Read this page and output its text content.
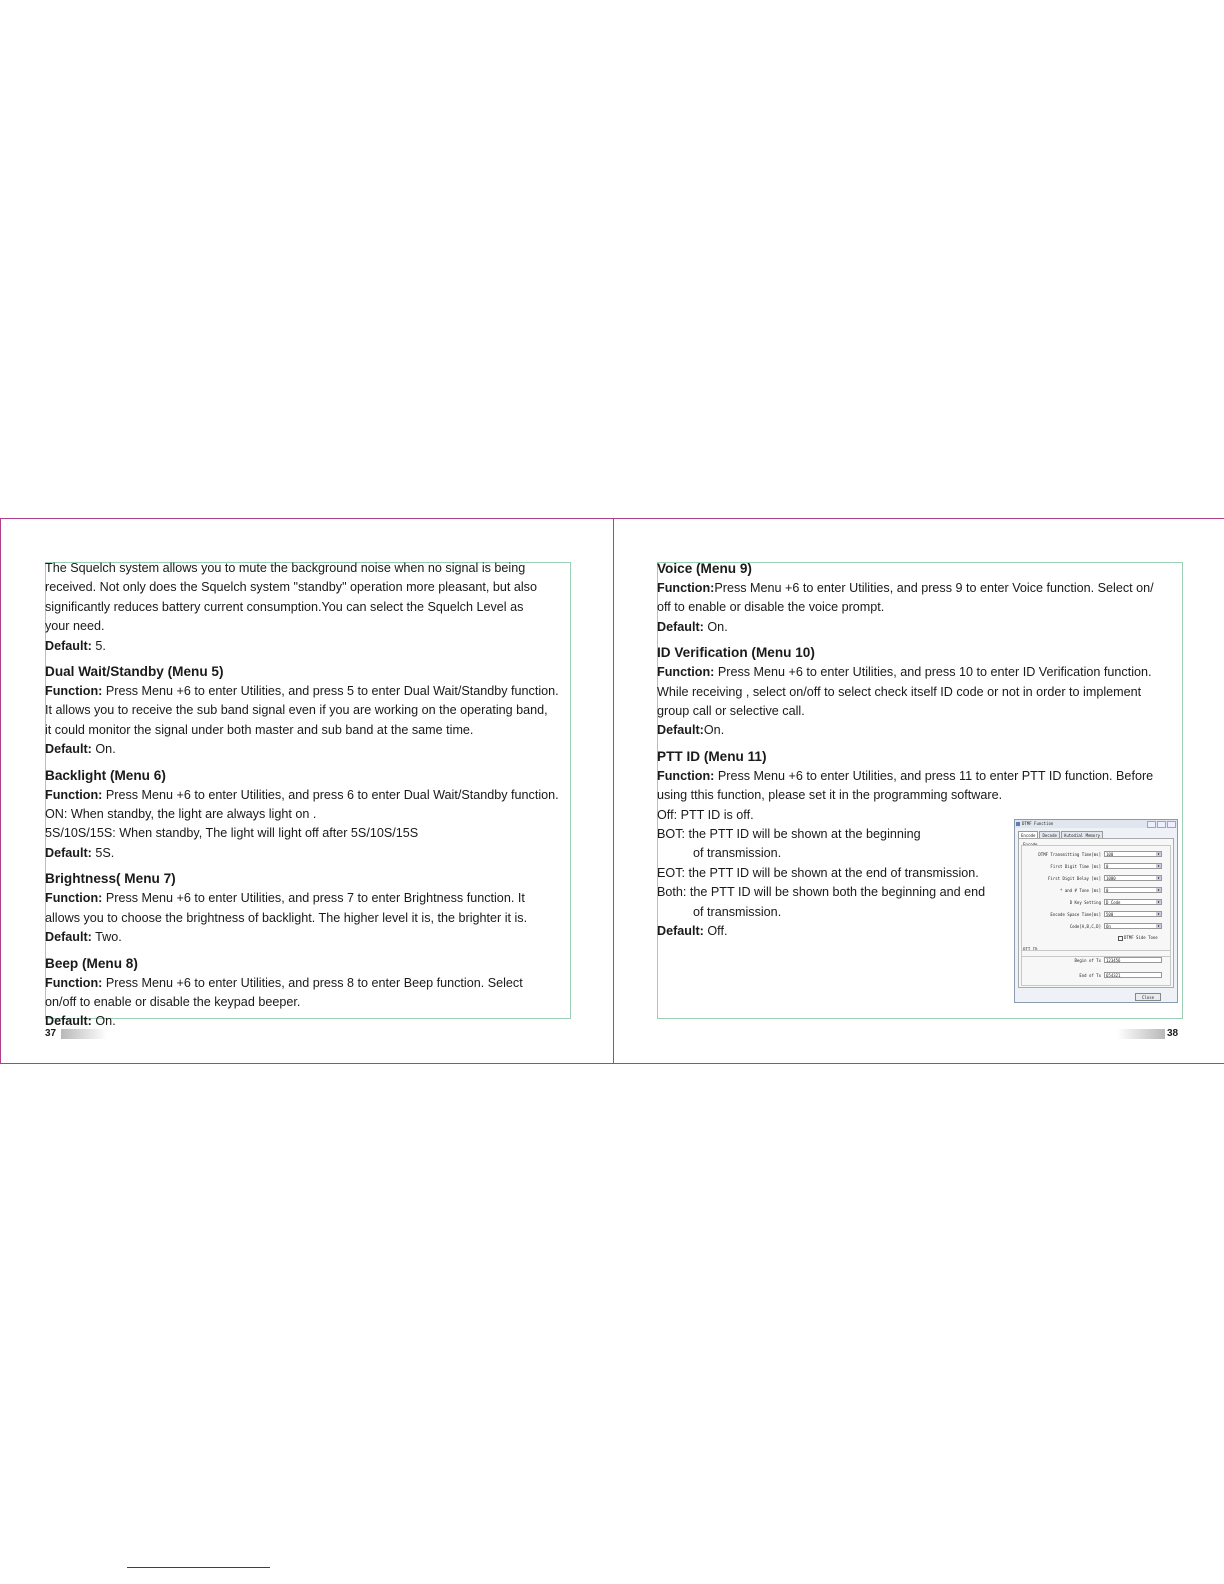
The Squelch system allows you to mute the background noise when no signal is being

received. Not only does the Squelch system "standby" operation more pleasant, but also

significantly reduces battery current consumption.You can select the Squelch Level as

your need.

Default: 5.

Dual Wait/Standby (Menu 5)

Function: Press Menu +6 to enter Utilities, and press 5 to enter Dual Wait/Standby function.

It allows you to receive the sub band signal even if you are working on the operating band,

it could monitor the signal under both master and sub band at the same time.

Default: On.

Backlight (Menu 6)

Function: Press Menu +6 to enter Utilities, and press 6 to enter Dual Wait/Standby function.

ON: When standby, the light are always light on .

5S/10S/15S: When standby, The light will light off after 5S/10S/15S

Default: 5S.

Brightness( Menu 7)

Function: Press Menu +6 to enter Utilities, and press 7 to enter Brightness function. It

allows you to choose the brightness of backlight. The higher level it is, the brighter it is.

Default: Two.

Beep (Menu 8)

Function: Press Menu +6 to enter Utilities, and press 8 to enter Beep function. Select

on/off to enable or disable the keypad beeper.

Default: On.

37
Voice (Menu 9)

Function:Press Menu +6 to enter Utilities, and press 9 to enter Voice function. Select on/

off to enable or disable the voice prompt.

Default: On.

ID Verification (Menu 10)

Function: Press Menu +6 to enter Utilities, and press 10 to enter ID Verification function.

While receiving , select on/off to select check itself ID code or not in order to implement

group call or selective call.

Default:On.

PTT ID (Menu 11)

Function: Press Menu +6 to enter Utilities, and press 11 to enter PTT ID function. Before

using tthis function, please set it in the programming software.

Off: PTT ID is off.

BOT: the PTT ID will be shown at the beginning

of transmission.

EOT: the PTT ID will be shown at the end of transmission.

Both: the PTT ID will be shown both the beginning and end

of transmission.

Default: Off.

DTMF Function
Encode	Decode	Autodial Memory
Encode
DTMF Transmitting Time[ms]	100	▼
First Digit Time [ms]	0	▼
First Digit Delay [ms]	1000	▼
* and # Tone [ms]	0	▼
D Key Setting	D Code	▼
Encode Space Time[ms]	500	▼
Code[A,B,C,D]	On	▼
DTMF Side Tone
PTT ID
Begin of Tx	123456
End of Tx	654321
Close
38
